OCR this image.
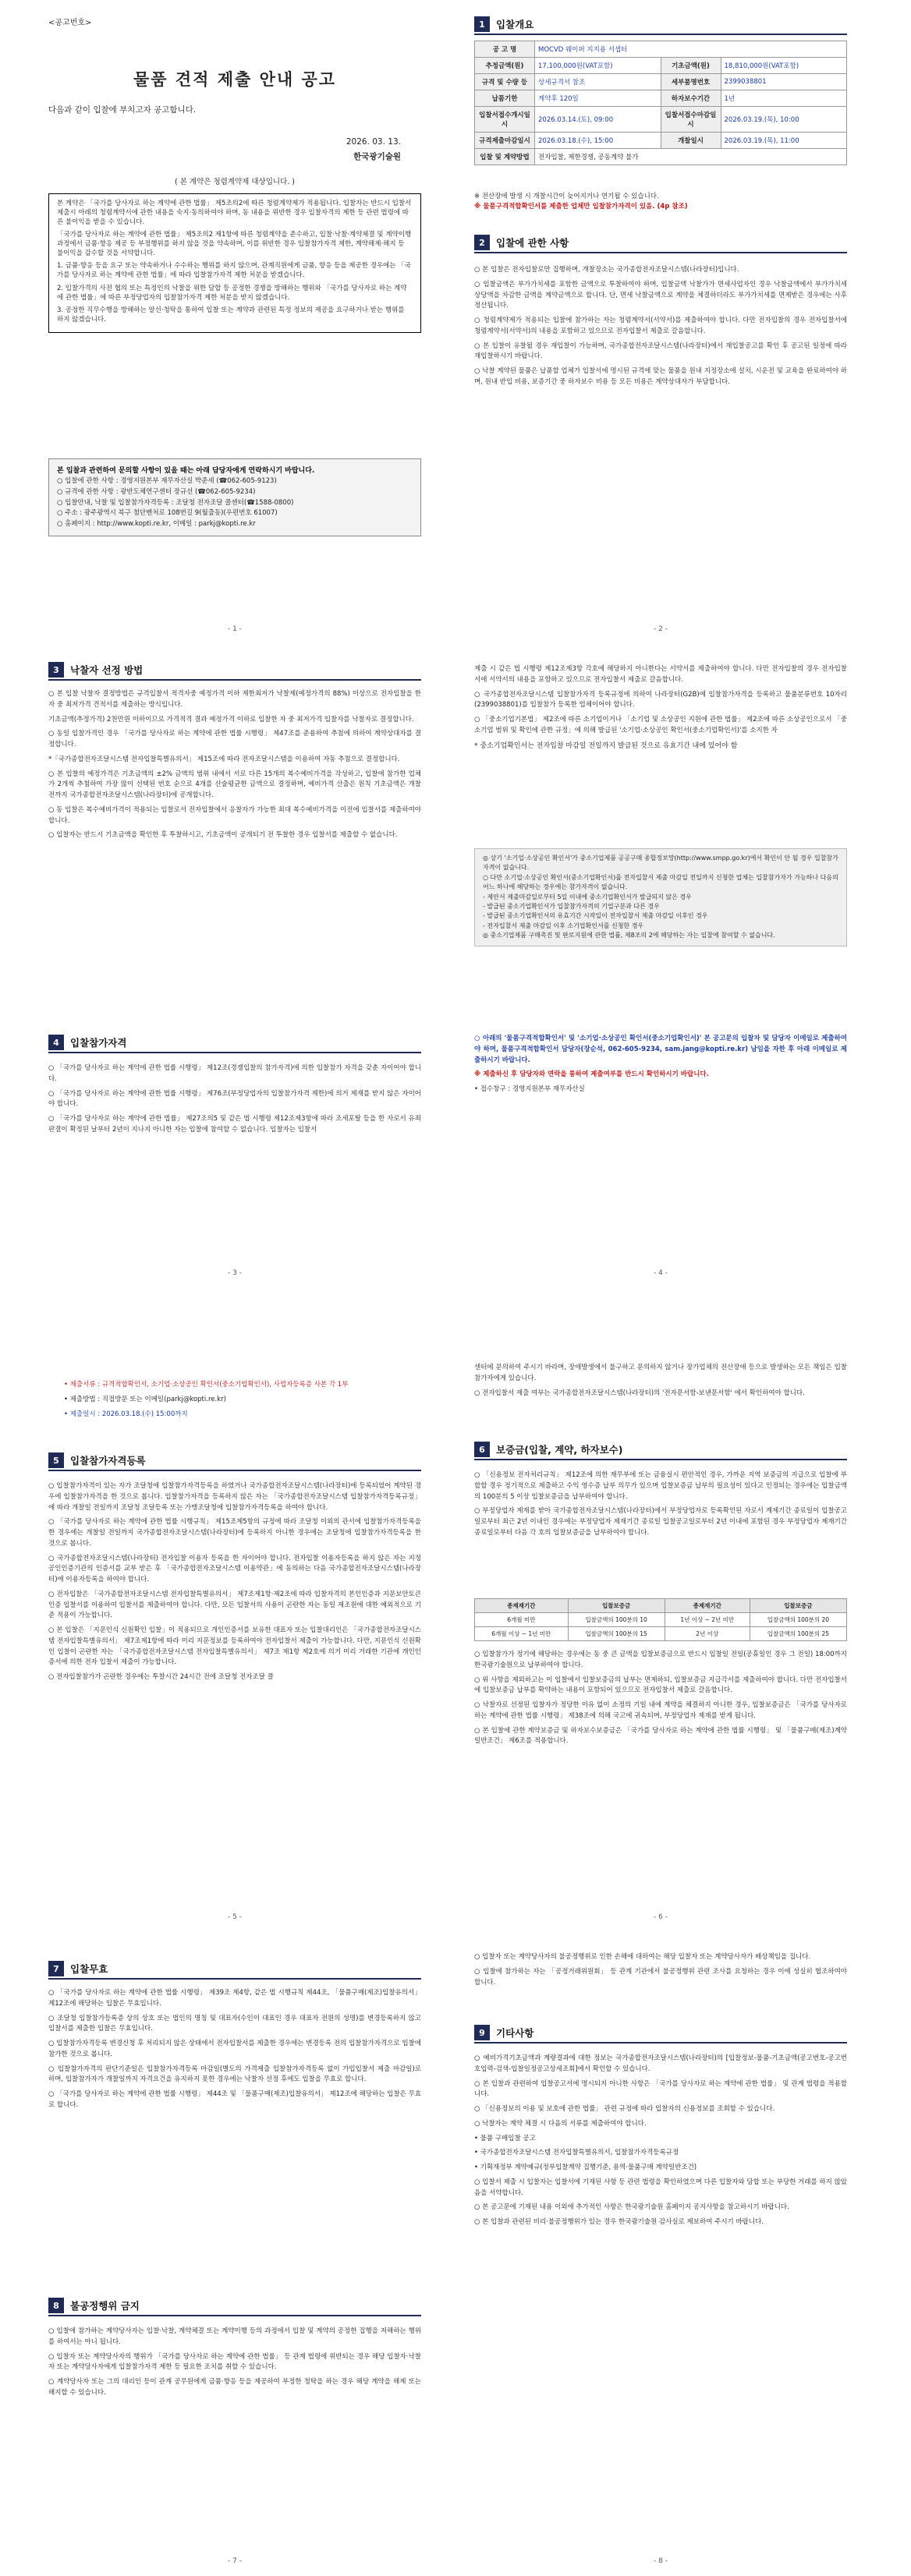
<공고번호>
물품 견적 제출 안내 공고
다음과 같이 입찰에 부치고자 공고합니다.
2026. 03. 13.
한국광기술원
( 본 계약은 청렴계약제 대상입니다. )

본 계약은 「국가를 당사자로 하는 계약에 관한 법률」 제5조의2에 따른 청렴계약제가 적용됩니다. 입찰자는 반드시 입찰서 제출시 아래의 청렴계약서에 관한 내용을 숙지·동의하여야 하며, 동 내용을 위반한 경우 입찰자격의 제한 등 관련 법령에 따른 불이익을 받을 수 있습니다.

「국가를 당사자로 하는 계약에 관한 법률」 제5조의2 제1항에 따른 청렴계약을 준수하고, 입찰·낙찰·계약체결 및 계약이행 과정에서 금품·향응 제공 등 부정행위를 하지 않을 것을 약속하며, 이를 위반한 경우 입찰참가자격 제한, 계약해제·해지 등 불이익을 감수할 것을 서약합니다.

1. 금품·향응 등을 요구 또는 약속하거나 수수하는 행위를 하지 않으며, 관계직원에게 금품, 향응 등을 제공한 경우에는 「국가를 당사자로 하는 계약에 관한 법률」에 따라 입찰참가자격 제한 처분을 받겠습니다.

2. 입찰가격의 사전 협의 또는 특정인의 낙찰을 위한 담합 등 공정한 경쟁을 방해하는 행위와 「국가를 당사자로 하는 계약에 관한 법률」에 따른 부정당업자의 입찰참가자격 제한 처분을 받지 않겠습니다.

3. 공정한 직무수행을 방해하는 알선·청탁을 통하여 입찰 또는 계약과 관련된 특정 정보의 제공을 요구하거나 받는 행위를 하지 않겠습니다.

본 입찰과 관련하여 문의할 사항이 있을 때는 아래 담당자에게 연락하시기 바랍니다.
○ 입찰에 관한 사항 : 경영지원본부 재무자산실 박준세 (☎062-605-9123)
○ 규격에 관한 사항 : 광반도체연구센터 장규선 (☎062-605-9234)
○ 입찰안내, 낙찰 및 입찰참가자격등록 : 조달청 전자조달 콜센터(☎1588-0800)
○ 주소 : 광주광역시 북구 첨단벤처로 108번길 9(월출동)(우편번호 61007)
○ 홈페이지 : http://www.kopti.re.kr, 이메일 : parkj@kopti.re.kr
- 1 -
1	입찰개요
공 고 명	MOCVD 웨이퍼 지지용 서셉터		
추정금액(원)	17,100,000원(VAT포함)	기초금액(원)	18,810,000원(VAT포함)
규격 및 수량 등	상세규격서 참조	세부품명번호	2399038801
납품기한	계약후 120일	하자보수기간	1년
입찰서접수개시일시	2026.03.14.(토), 09:00	입찰서접수마감일시	2026.03.19.(목), 10:00
규격제출마감일시	2026.03.18.(수), 15:00	개찰일시	2026.03.19.(목), 11:00
입찰 및 계약방법	전자입찰, 제한경쟁, 공동계약 불가		
※ 전산장애 발생 시 개찰시간이 늦어지거나 연기될 수 있습니다.
※ 물품구격적합확인서를 제출한 업체만 입찰참가자격이 있음. (4p 참조)
2	입찰에 관한 사항

○ 본 입찰은 전자입찰로만 집행하며, 개찰장소는 국가종합전자조달시스템(나라장터)입니다.

○ 입찰금액은 부가가치세를 포함한 금액으로 투찰하여야 하며, 입찰금액 낙찰가가 면세사업자인 경우 낙찰금액에서 부가가치세 상당액을 차감한 금액을 계약금액으로 합니다. 단, 면세 낙찰금액으로 계약을 체결하더라도 부가가치세를 면제받은 경우에는 사후 정산됩니다.

○ 청렴계약제가 적용되는 입찰에 참가하는 자는 청렴계약서(서약서)를 제출하여야 합니다. 다만 전자입찰의 경우 전자입찰서에 청렴계약서(서약서)의 내용을 포함하고 있으므로 전자입찰서 제출로 갈음합니다.

○ 본 입찰이 유찰될 경우 재입찰이 가능하며, 국가종합전자조달시스템(나라장터)에서 재입찰공고를 확인 후 공고된 일정에 따라 재입찰하시기 바랍니다.

○ 낙찰 계약된 물품은 납품할 업체가 입찰서에 명시된 규격에 맞는 물품을 원내 지정장소에 설치, 시운전 및 교육을 완료하여야 하며, 원내 반입 비용, 보증기간 중 하자보수 비용 등 모든 비용은 계약상대자가 부담합니다.

- 2 -
3	낙찰자 선정 방법

○ 본 입찰 낙찰자 결정방법은 규격입찰서 적격자중 예정가격 이하 제한최저가 낙찰제(예정가격의 88%) 이상으로 전자입찰을 한 자 중 최저가격 견적서를 제출하는 방식입니다.

기초금액(추정가격) 2천만원 이하이므로 가격적격 결과 예정가격 이하로 입찰한 자 중 최저가격 입찰자를 낙찰자로 결정합니다.

○ 동일 입찰가격인 경우 「국가를 당사자로 하는 계약에 관한 법률 시행령」 제47조를 준용하여 추첨에 의하여 계약상대자를 결정합니다.

*「국가종합전자조달시스템 전자입찰특별유의서」 제15조에 따라 전자조달시스템을 이용하여 자동 추첨으로 결정합니다.

○ 본 입찰의 예정가격은 기초금액의 ±2% 금액의 범위 내에서 서로 다른 15개의 복수예비가격을 작성하고, 입찰에 참가한 업체가 2개씩 추첨하여 가장 많이 선택된 번호 순으로 4개를 산술평균한 금액으로 결정하며, 예비가격 산출은 원칙 기초금액은 개찰 전까지 국가종합전자조달시스템(나라장터)에 공개합니다.

○ 동 입찰은 복수예비가격이 적용되는 입찰로서 전자입찰에서 응찰자가 가능한 최대 복수예비가격을 이전에 입찰서를 제출하여야 합니다.

○ 입찰자는 반드시 기초금액을 확인한 후 투찰하시고, 기초금액이 공개되기 전 투찰한 경우 입찰서를 제출할 수 없습니다.

4	입찰참가자격

○ 「국가를 당사자로 하는 계약에 관한 법률 시행령」 제12조(경쟁입찰의 참가자격)에 의한 입찰참가 자격을 갖춘 자이어야 합니다.

○ 「국가를 당사자로 하는 계약에 관한 법률 시행령」 제76조(부정당업자의 입찰참가자격 제한)에 의거 제재를 받지 않은 자이어야 합니다.

○ 「국가를 당사자로 하는 계약에 관한 법률」 제27조의5 및 같은 법 시행령 제12조제3항에 따라 조세포탈 등을 한 자로서 유죄판결이 확정된 날부터 2년이 지나지 아니한 자는 입찰에 참여할 수 없습니다. 입찰자는 입찰서

- 3 -

제출 시 같은 법 시행령 제12조제3항 각호에 해당하지 아니한다는 서약서를 제출하여야 합니다. 다만 전자입찰의 경우 전자입찰서에 서약서의 내용을 포함하고 있으므로 전자입찰서 제출로 갈음합니다.

○ 국가종합전자조달시스템 입찰참가자격 등록규정에 의하여 나라장터(G2B)에 입찰참가자격을 등록하고 물품분류번호 10자리(2399038801)를 입찰참가 등록한 업체이어야 합니다.

○ 「중소기업기본법」 제2조에 따른 소기업이거나 「소기업 및 소상공인 지원에 관한 법률」 제2조에 따른 소상공인으로서 「중소기업 범위 및 확인에 관한 규정」에 의해 발급된 '소기업·소상공인 확인서(중소기업확인서)'를 소지한 자

* 중소기업확인서는 전자입찰 마감일 전일까지 발급된 것으로 유효기간 내에 있어야 함

◎ 상기 '소기업·소상공인 확인서'가 중소기업제품 공공구매 종합정보망(http://www.smpp.go.kr)에서 확인이 안 될 경우 입찰참가자격이 없습니다.
○ 다만 소기업·소상공인 확인서(중소기업확인서)를 전자입찰서 제출 마감일 전일까지 신청한 업체는 입찰참가자가 가능하나 다음의 어느 하나에 해당하는 경우에는 참가자격이 없습니다.
- 제안서 제출마감일로부터 5일 이내에 중소기업확인서가 발급되지 않은 경우
- 발급된 중소기업확인서가 입찰참가자격의 기업구분과 다른 경우
- 발급된 중소기업확인서의 유효기간 시작일이 전자입찰서 제출 마감일 이후인 경우
- 전자입찰서 제출 마감일 이후 소기업확인서를 신청한 경우
◎ 중소기업제품 구매촉진 및 판로지원에 관한 법률, 제8조의 2에 해당하는 자는 입찰에 참여할 수 없습니다.

○ 아래의 '물품구격적합확인서' 및 '소기업·소상공인 확인서(중소기업확인서)' 본 공고문의 입찰자 및 담당자 이메일로 제출하여야 하며, 물품구격적합확인서 담당자(장순석, 062-605-9234, sam.jang@kopti.re.kr) 남임을 자한 후 아래 이메일로 제출하시기 바랍니다.

※ 제출하신 후 담당자와 연락을 통하여 제출여부를 반드시 확인하시기 바랍니다.

• 접수창구 : 경영지원본부 재무자산실

- 4 -

• 제출서류 : 규격적합확인서, 소기업·소상공인 확인서(중소기업확인서), 사업자등록증 사본 각 1부

• 제출방법 : 직접방문 또는 이메일(parkj@kopti.re.kr)

• 제출일시 : 2026.03.18.(수) 15:00까지

5	입찰참가자격등록

○ 입찰참가자격이 있는 자가 조달청에 입찰참가자격등록을 하였거나 국가종합전자조달시스템(나라장터)에 등록되었어 계약된 경우에 입찰참가자격을 한 것으로 봅니다. 입찰참가자격을 등록하지 않은 자는 「국가종합전자조달시스템 입찰참가자격등록규정」에 따라 개찰일 전일까지 조달청 조달등록 또는 가맹조달청에 입찰참가자격등록을 하여야 합니다.

○ 「국가를 당사자로 하는 계약에 관한 법률 시행규칙」 제15조제5항의 규정에 따라 조달청 이외의 관서에 입찰참가자격등록을 한 경우에는 개찰일 전일까지 국가종합전자조달시스템(나라장터)에 등록하지 아니한 경우에는 조달청에 입찰참가자격등록을 한 것으로 봅니다.

○ 국가종합전자조달시스템(나라장터) 전자입찰 이용자 등록을 한 자이어야 합니다. 전자입찰 이용자등록을 하지 않은 자는 지정 공인인증기관의 인증서를 교부 받은 후 「국가종합전자조달시스템 이용약관」에 동의하는 다음 국가종합전자조달시스템(나라장터)에 이용자등록을 하여야 합니다.

○ 전자입찰은 「국가종합전자조달시스템 전자입찰특별유의서」 제7조제1항·제2조에 따라 입찰자격의 본인인증과 지문보안토큰 인증 입찰서를 이용하여 입찰서를 제출하여야 합니다. 다만, 모든 입찰서의 사용이 곤란한 자는 동일 제조원에 대한 예외적으로 기준 적용이 가능합니다.

○ 본 입찰은 「지문인식 신원확인 입찰」이 적용되므로 개인인증서를 보유한 대표자 또는 입찰대리인은 「국가종합전자조달시스템 전자입찰특별유의서」 제7조제1항에 따라 미리 지문정보를 등록하여야 전자입찰서 제출이 가능합니다. 다만, 지문인식 신원확인 입찰이 곤란한 자는 「국가종합전자조달시스템 전자입찰특별유의서」 제7조 제1항 제2호에 의거 미리 거래한 기관에 개인인증서에 의한 전자 입찰서 제출이 가능합니다.

○ 전자입찰참가가 곤란한 경우에는 투찰시간 24시간 전에 조달청 전자조달 콜

- 5 -

센터에 문의하여 주시기 바라며, 장애발생에서 불구하고 문의하지 않거나 장가업체의 전산장애 등으로 발생하는 모든 책임은 입찰참가자에게 있습니다.

○ 전자입찰서 제출 여부는 국가종합전자조달시스템(나라장터)의 '전자문서함-보낸문서함' 에서 확인하여야 합니다.

6	보증금(입찰, 계약, 하자보수)

○ 「신용정보 전자처리규칙」 제12조에 의한 재무부에 또는 금융실시 편안적인 경우, 가까운 지역 보증금의 지급으로 입찰에 부합할 경우 정기적으로 제출하고 수익 영수증 납부 의무가 있으며 입찰보증금 납부의 필요성이 있다고 인정되는 경우에는 입찰금액의 100분의 5 이상 입찰보증금을 납부하여야 합니다.

○ 부정당업자 제재를 받아 국가종합전자조달시스템(나라장터)에서 부정당업자로 등록확인된 자로서 계제기간 종료일이 입찰공고일로부터 최근 2년 이내인 경우에는 부정당업자 제재기간 종료일 입찰공고일로부터 2년 이내에 포함된 경우 부정당업자 제재기간 종료일로부터 다음 각 호의 입찰보증금을 납부하여야 합니다.

종제재기간	입찰보증금	종제재기간	입찰보증금
6개월 미만	입찰금액의 100분의 10	1년 이상 ~ 2년 미만	입찰금액의 100분의 20
6개월 이상 ~ 1년 미만	입찰금액의 100분의 15	2년 이상	입찰금액의 100분의 25

○ 입찰참가가 정기에 해당하는 경우에는 동 중 큰 금액을 입찰보증금으로 반드시 입찰일 전일(공휴일인 경우 그 전일) 18:00까지 한국광기술원으로 납부하여야 합니다.

○ 위 사항을 제외하고는 이 입찰에서 입찰보증금의 납부는 면제하되, 입찰보증금 지급각서를 제출하여야 합니다. 다만 전자입찰서에 입찰보증금 납부를 확약하는 내용이 포함되어 있으므로 전자입찰서 제출로 갈음합니다.

○ 낙찰자로 선정된 입찰자가 정당한 이유 없이 소정의 기일 내에 계약을 체결하지 아니한 경우, 입찰보증금은 「국가를 당사자로 하는 계약에 관한 법률 시행령」 제38조에 의해 국고에 귀속되며, 부정당업자 제재를 받게 됩니다.

○ 본 입찰에 관한 계약보증금 및 하자보수보증금은 「국가를 당사자로 하는 계약에 관한 법률 시행령」 및 「물품구매(제조)계약일반조건」 제6조를 적용합니다.

- 6 -
7	입찰무효

○ 「국가를 당사자로 하는 계약에 관한 법률 시행령」 제39조 제4항, 같은 법 시행규칙 제44조, 「물품구매(제조)입찰유의서」 제12조에 해당하는 입찰은 무효입니다.

○ 조달청 입찰참가등록증 상의 상호 또는 법인의 명칭 및 대표자(수인이 대표인 경우 대표자 전원의 성명)를 변경등록하지 않고 입찰서를 제출한 입찰은 무효입니다.

○ 입찰참가자격등록 변경신청 후 처리되지 않은 상태에서 전자입찰서를 제출한 경우에는 변경등록 전의 입찰참가자격으로 입찰에 참가한 것으로 봅니다.

○ 입찰참가자격의 판단기준일은 입찰참가자격등록 마감일(별도의 가격제출 입찰참가자격등록 없이 가입입찰서 제출 마감일)로 하며, 입찰참가자가 개찰일까지 자격요건을 유지하지 못한 경우에는 낙찰자 선정 후에도 입찰을 무효로 합니다.

○ 「국가를 당사자로 하는 계약에 관한 법률 시행령」 제44조 및 「물품구매(제조)입찰유의서」 제12조에 해당하는 입찰은 무효로 합니다.

8	불공정행위 금지

○ 입찰에 참가하는 계약당사자는 입찰·낙찰, 계약체결 또는 계약이행 등의 과정에서 입찰 및 계약의 공정한 집행을 저해하는 행위를 하여서는 아니 됩니다.

○ 입찰자 또는 계약당사자의 행위가 「국가를 당사자로 하는 계약에 관한 법률」 등 관계 법령에 위반되는 경우 해당 입찰자·낙찰자 또는 계약당사자에게 입찰참가자격 제한 등 필요한 조치를 취할 수 있습니다.

○ 계약당사자 또는 그의 대리인 등이 관계 공무원에게 금품·향응 등을 제공하여 부정한 청탁을 하는 경우 해당 계약을 해제 또는 해지할 수 있습니다.

- 7 -

○ 입찰자 또는 계약당사자의 불공정행위로 인한 손해에 대하여는 해당 입찰자 또는 계약당사자가 배상책임을 집니다.

○ 입찰에 참가하는 자는 「공정거래위원회」 등 관계 기관에서 불공정행위 관련 조사를 요청하는 경우 이에 성실히 협조하여야 합니다.

9	기타사항

○ 예비가격기초금액과 계량결과에 대한 정보는 국가종합전자조달시스템(나라장터)의 [입찰정보-물품-기초금액(공고번호-공고번호입력-검색-입찰일정공고상세조회]에서 확인할 수 있습니다.

○ 본 입찰과 관련하여 입찰공고서에 명시되지 아니한 사항은 「국가를 당사자로 하는 계약에 관한 법률」 및 관계 법령을 적용합니다.

○ 「신용정보의 이용 및 보호에 관한 법률」 관련 규정에 따라 입찰자의 신용정보를 조회할 수 있습니다.

○ 낙찰자는 계약 체결 시 다음의 서류를 제출하여야 합니다.

• 물품 구매입찰 공고

• 국가종합전자조달시스템 전자입찰특별유의서, 입찰참가자격등록규정

• 기획재정부 계약예규(정부입찰계약 집행기준, 용역·물품구매 계약일반조건)

○ 입찰서 제출 시 입찰자는 입찰서에 기재된 사항 등 관련 법령을 확인하였으며 다른 입찰자와 담합 또는 부당한 거래를 하지 않았음을 서약합니다.

○ 본 공고문에 기재된 내용 이외에 추가적인 사항은 한국광기술원 홈페이지 공지사항을 참고하시기 바랍니다.

○ 본 입찰과 관련된 비리·불공정행위가 있는 경우 한국광기술원 감사실로 제보하여 주시기 바랍니다.

- 8 -
